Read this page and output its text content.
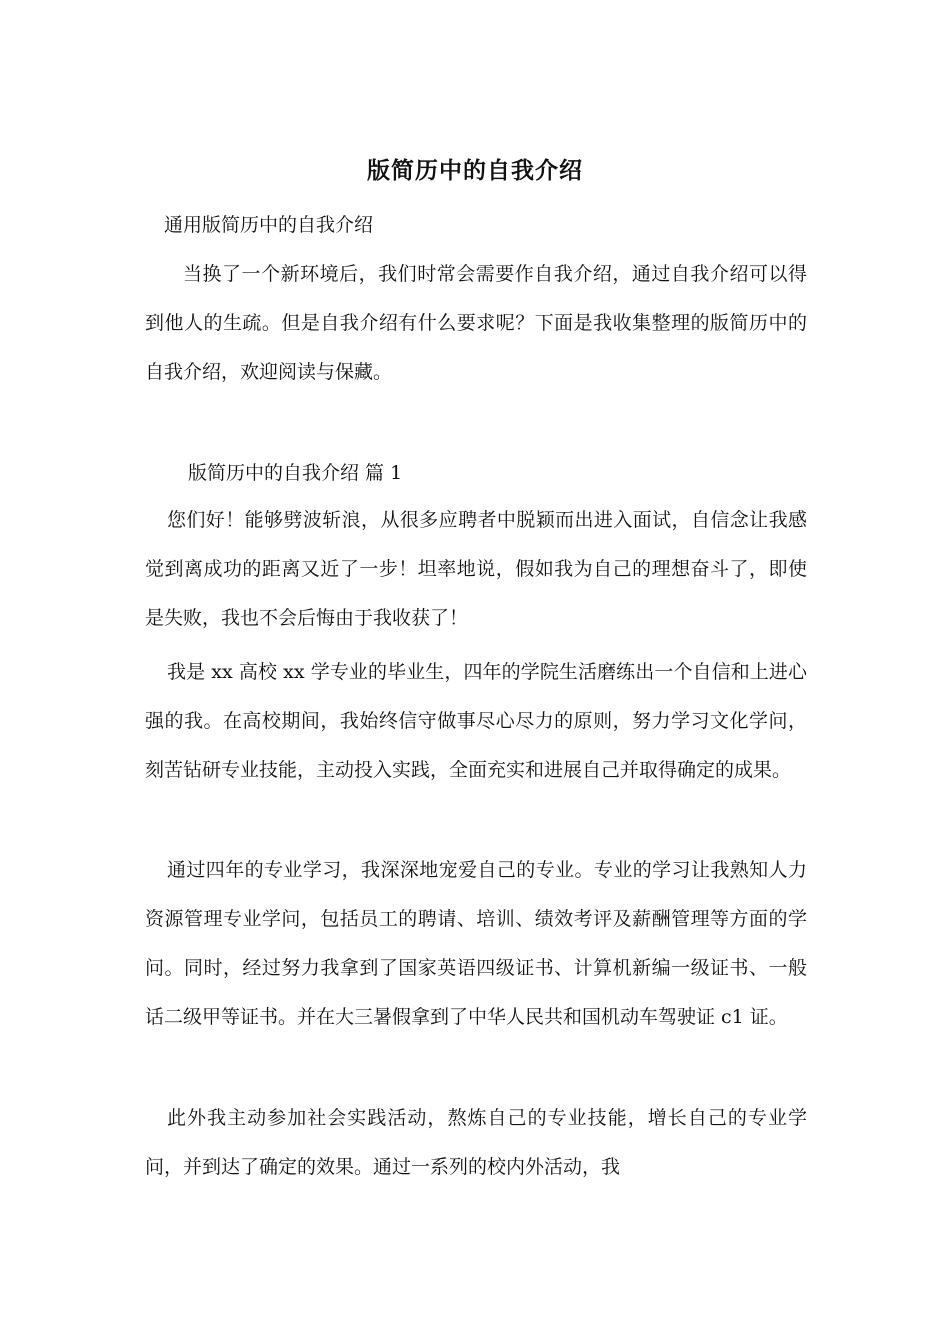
版简历中的自我介绍
通用版简历中的自我介绍

当换了一个新环境后，我们时常会需要作自我介绍，通过自我介绍可以得到他人的生疏。但是自我介绍有什么要求呢？下面是我收集整理的版简历中的自我介绍，欢迎阅读与保藏。

版简历中的自我介绍 篇 1

您们好！能够劈波斩浪，从很多应聘者中脱颖而出进入面试，自信念让我感觉到离成功的距离又近了一步！坦率地说，假如我为自己的理想奋斗了，即使是失败，我也不会后悔由于我收获了！

我是 xx 高校 xx 学专业的毕业生，四年的学院生活磨练出一个自信和上进心强的我。在高校期间，我始终信守做事尽心尽力的原则，努力学习文化学问，刻苦钻研专业技能，主动投入实践，全面充实和进展自己并取得确定的成果。

通过四年的专业学习，我深深地宠爱自己的专业。专业的学习让我熟知人力资源管理专业学问，包括员工的聘请、培训、绩效考评及薪酬管理等方面的学问。同时，经过努力我拿到了国家英语四级证书、计算机新编一级证书、一般话二级甲等证书。并在大三暑假拿到了中华人民共和国机动车驾驶证 c1 证。

此外我主动参加社会实践活动，熬炼自己的专业技能，增长自己的专业学问，并到达了确定的效果。通过一系列的校内外活动，我
